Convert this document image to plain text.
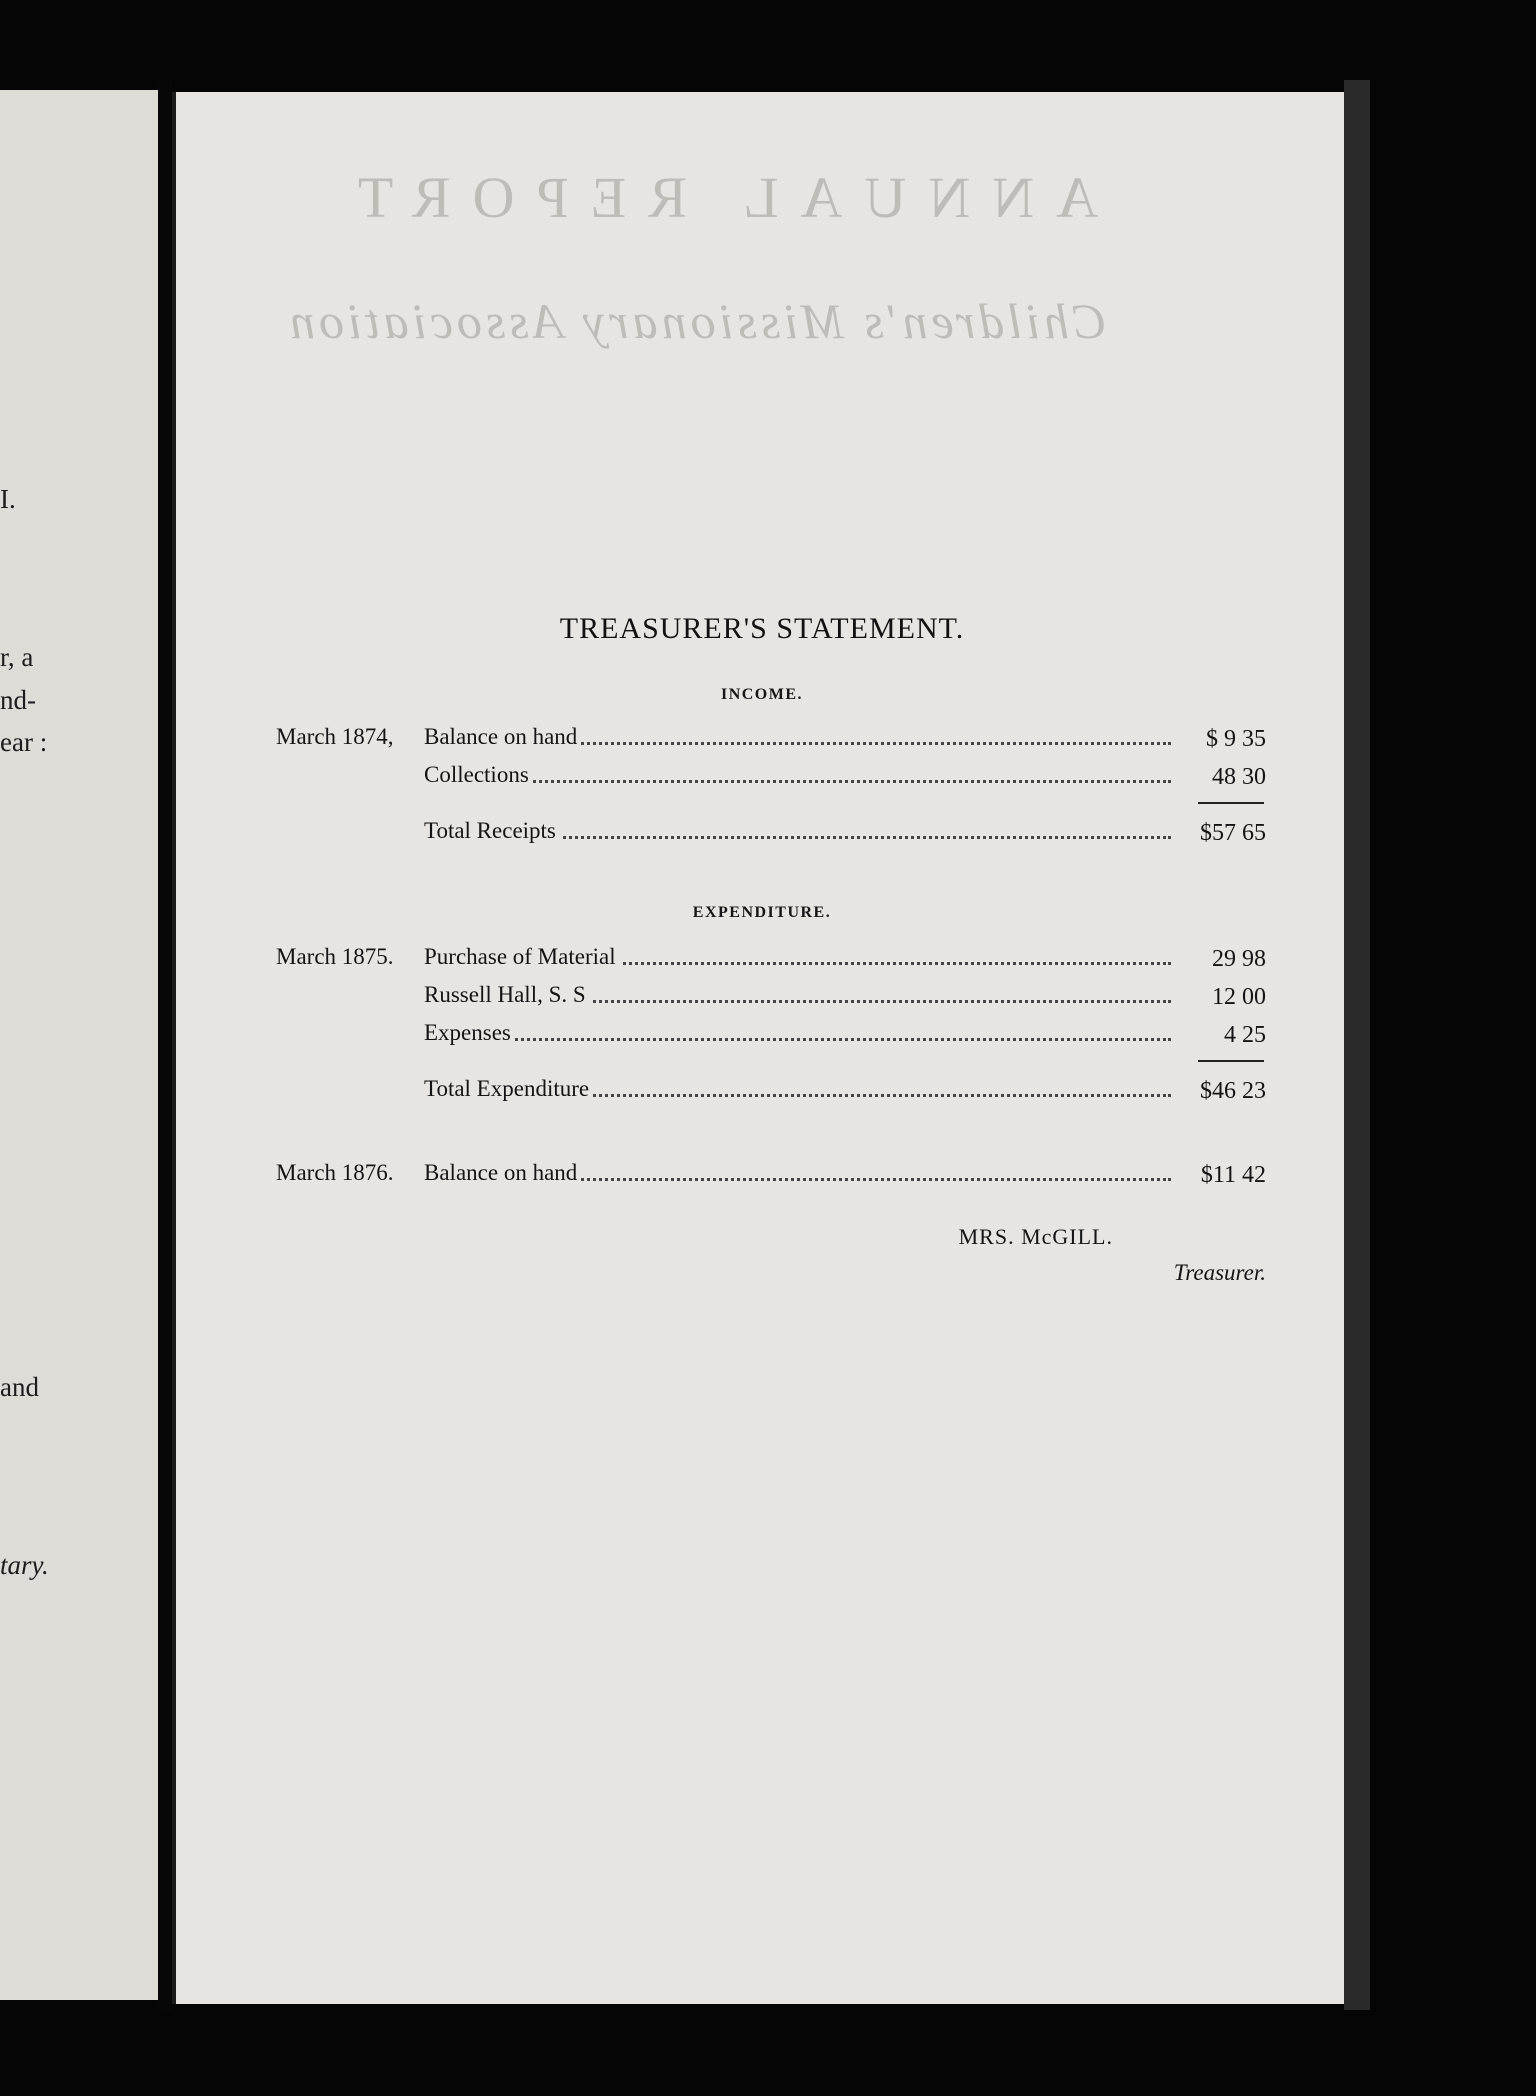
I.
r, a
nd-
ear :
and
tary.
ANNUAL REPORT
Children's Missionary Association
TREASURER'S STATEMENT.
INCOME.
March 1874, Balance on hand	$ 9 35
Collections	48 30
Total Receipts	$57 65
EXPENDITURE.
March 1875. Purchase of Material	29 98
Russell Hall, S. S	12 00
Expenses	4 25
Total Expenditure	$46 23
March 1876. Balance on hand	$11 42
MRS. McGILL.
Treasurer.
